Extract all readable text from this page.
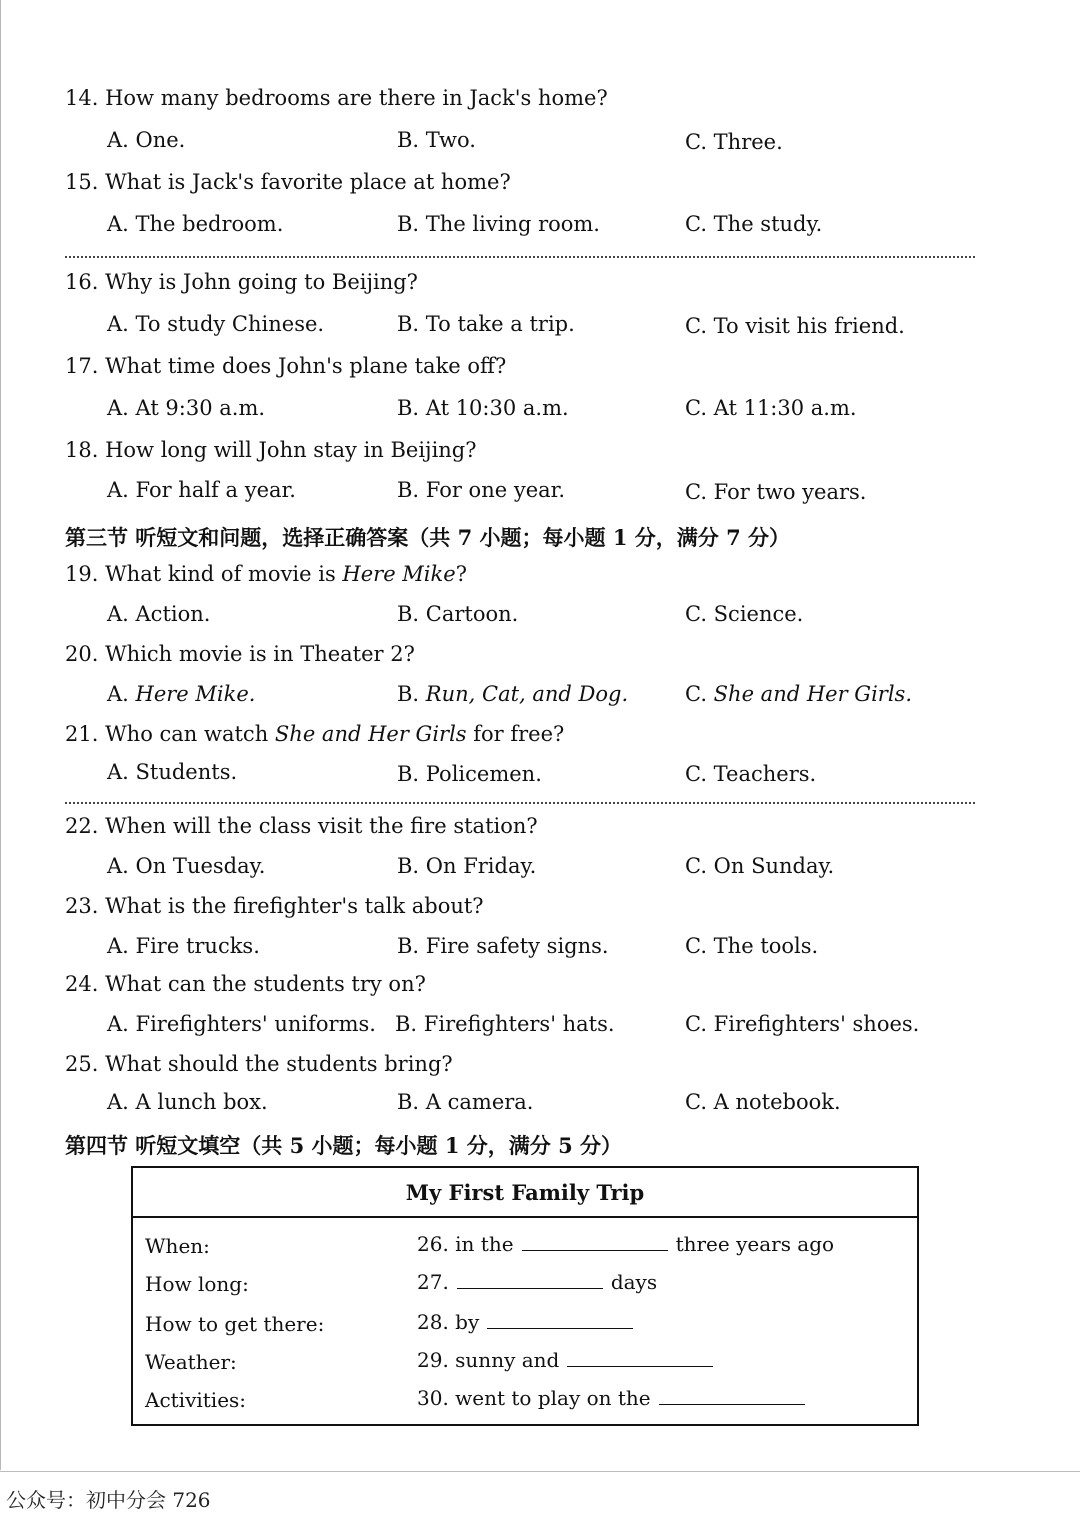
14. How many bedrooms are there in Jack's home?
A. One.	B. Two.	C. Three.
15. What is Jack's favorite place at home?
A. The bedroom.	B. The living room.	C. The study.
16. Why is John going to Beijing?
A. To study Chinese.	B. To take a trip.	C. To visit his friend.
17. What time does John's plane take off?
A. At 9:30 a.m.	B. At 10:30 a.m.	C. At 11:30 a.m.
18. How long will John stay in Beijing?
A. For half a year.	B. For one year.	C. For two years.
第三节 听短文和问题，选择正确答案（共 7 小题；每小题 1 分，满分 7 分）
19. What kind of movie is Here Mike?
A. Action.	B. Cartoon.	C. Science.
20. Which movie is in Theater 2?
A. Here Mike.	B. Run, Cat, and Dog.	C. She and Her Girls.
21. Who can watch She and Her Girls for free?
A. Students.	B. Policemen.	C. Teachers.
22. When will the class visit the fire station?
A. On Tuesday.	B. On Friday.	C. On Sunday.
23. What is the firefighter's talk about?
A. Fire trucks.	B. Fire safety signs.	C. The tools.
24. What can the students try on?
A. Firefighters' uniforms. B. Firefighters' hats.	C. Firefighters' shoes.
25. What should the students bring?
A. A lunch box.	B. A camera.	C. A notebook.
第四节 听短文填空（共 5 小题；每小题 1 分，满分 5 分）
My First Family Trip
When:	26. in the	three years ago
How long:	27.	days
How to get there:	28. by
Weather:	29. sunny and
Activities:	30. went to play on the
公众号：初中分会 726
